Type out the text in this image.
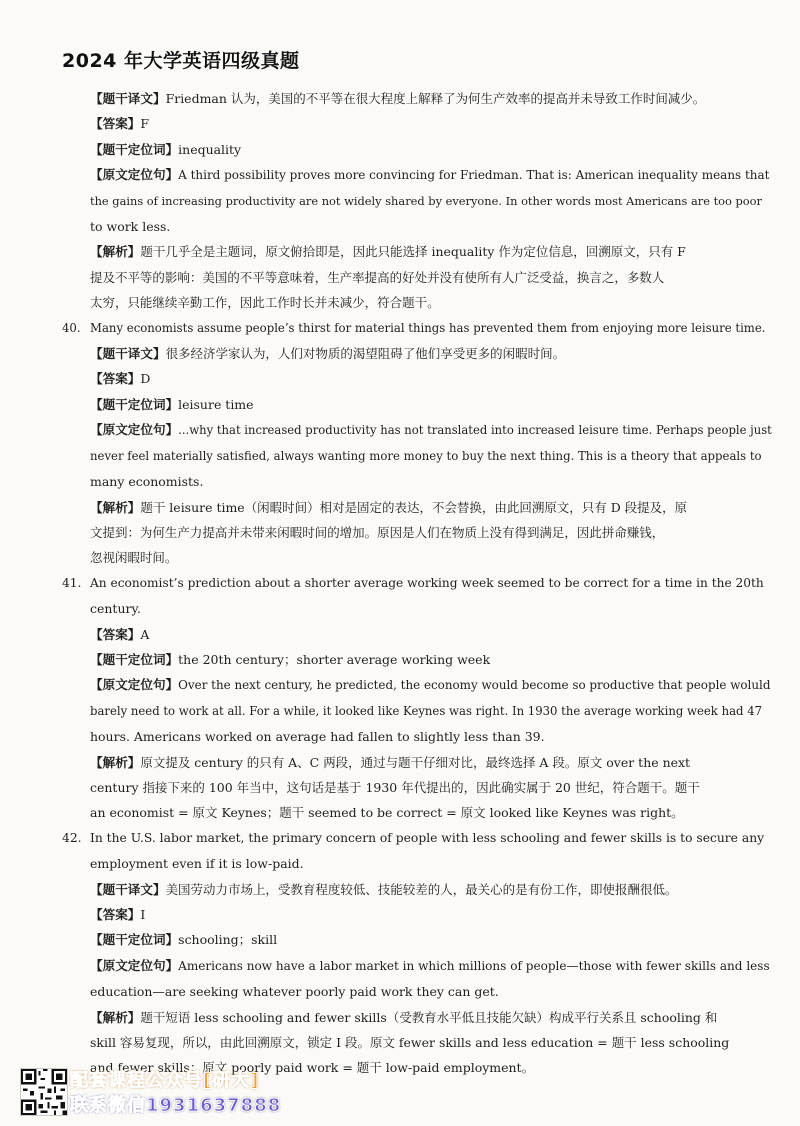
2024 年大学英语四级真题
【题干译文】Friedman 认为，美国的不平等在很大程度上解释了为何生产效率的提高并未导致工作时间减少。
【答案】F
【题干定位词】inequality
【原文定位句】A third possibility proves more convincing for Friedman. That is: American inequality means that
the gains of increasing productivity are not widely shared by everyone. In other words most Americans are too poor
to work less.
【解析】题干几乎全是主题词，原文俯拾即是，因此只能选择 inequality 作为定位信息，回溯原文，只有 F
提及不平等的影响：美国的不平等意味着，生产率提高的好处并没有使所有人广泛受益，换言之，多数人
太穷，只能继续辛勤工作，因此工作时长并未减少，符合题干。
40. Many economists assume people’s thirst for material things has prevented them from enjoying more leisure time.
【题干译文】很多经济学家认为，人们对物质的渴望阻碍了他们享受更多的闲暇时间。
【答案】D
【题干定位词】leisure time
【原文定位句】...why that increased productivity has not translated into increased leisure time. Perhaps people just
never feel materially satisfied, always wanting more money to buy the next thing. This is a theory that appeals to
many economists.
【解析】题干 leisure time（闲暇时间）相对是固定的表达，不会替换，由此回溯原文，只有 D 段提及，原
文提到：为何生产力提高并未带来闲暇时间的增加。原因是人们在物质上没有得到满足，因此拼命赚钱，
忽视闲暇时间。
41. An economist’s prediction about a shorter average working week seemed to be correct for a time in the 20th
century.
【答案】A
【题干定位词】the 20th century；shorter average working week
【原文定位句】Over the next century, he predicted, the economy would become so productive that people woluld
barely need to work at all. For a while, it looked like Keynes was right. In 1930 the average working week had 47
hours. Americans worked on average had fallen to slightly less than 39.
【解析】原文提及 century 的只有 A、C 两段，通过与题干仔细对比，最终选择 A 段。原文 over the next
century 指接下来的 100 年当中，这句话是基于 1930 年代提出的，因此确实属于 20 世纪，符合题干。题干
an economist = 原文 Keynes；题干 seemed to be correct = 原文 looked like Keynes was right。
42. In the U.S. labor market, the primary concern of people with less schooling and fewer skills is to secure any
employment even if it is low-paid.
【题干译文】美国劳动力市场上，受教育程度较低、技能较差的人，最关心的是有份工作，即使报酬很低。
【答案】I
【题干定位词】schooling；skill
【原文定位句】Americans now have a labor market in which millions of people—those with fewer skills and less
education—are seeking whatever poorly paid work they can get.
【解析】题干短语 less schooling and fewer skills（受教育水平低且技能欠缺）构成平行关系且 schooling 和
skill 容易复现，所以，由此回溯原文，锁定 I 段。原文 fewer skills and less education = 题干 less schooling
and fewer skills；原文 poorly paid work = 题干 low-paid employment。
配套课程公众号[研大]
联系微信1931637888
